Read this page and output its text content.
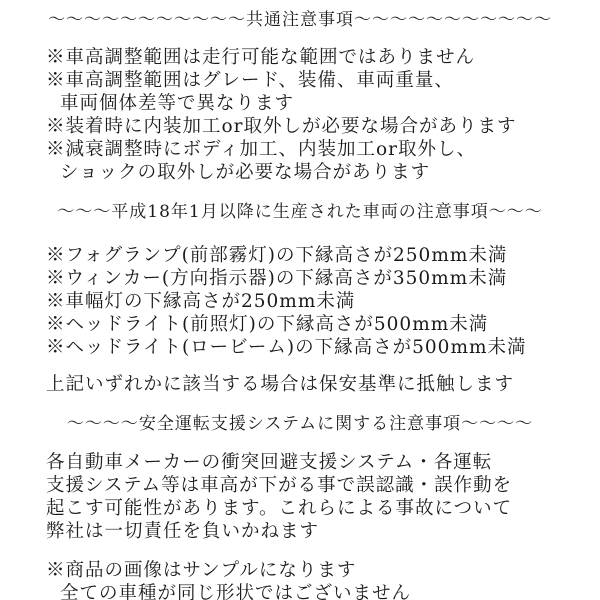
～～～～～～～～～～～共通注意事項～～～～～～～～～～～
※車高調整範囲は走行可能な範囲ではありません
※車高調整範囲はグレード、装備、車両重量、
車両個体差等で異なります
※装着時に内装加工or取外しが必要な場合があります
※減衰調整時にボディ加工、内装加工or取外し、
ショックの取外しが必要な場合があります
～～～平成18年1月以降に生産された車両の注意事項～～～
※フォグランプ(前部霧灯)の下縁高さが250mm未満
※ウィンカー(方向指示器)の下縁高さが350mm未満
※車幅灯の下縁高さが250mm未満
※ヘッドライト(前照灯)の下縁高さが500mm未満
※ヘッドライト(ロービーム)の下縁高さが500mm未満
上記いずれかに該当する場合は保安基準に抵触します
～～～～安全運転支援システムに関する注意事項～～～～
各自動車メーカーの衝突回避支援システム・各運転
支援システム等は車高が下がる事で誤認識・誤作動を
起こす可能性があります。これらによる事故について
弊社は一切責任を負いかねます
※商品の画像はサンプルになります
全ての車種が同じ形状ではございません
